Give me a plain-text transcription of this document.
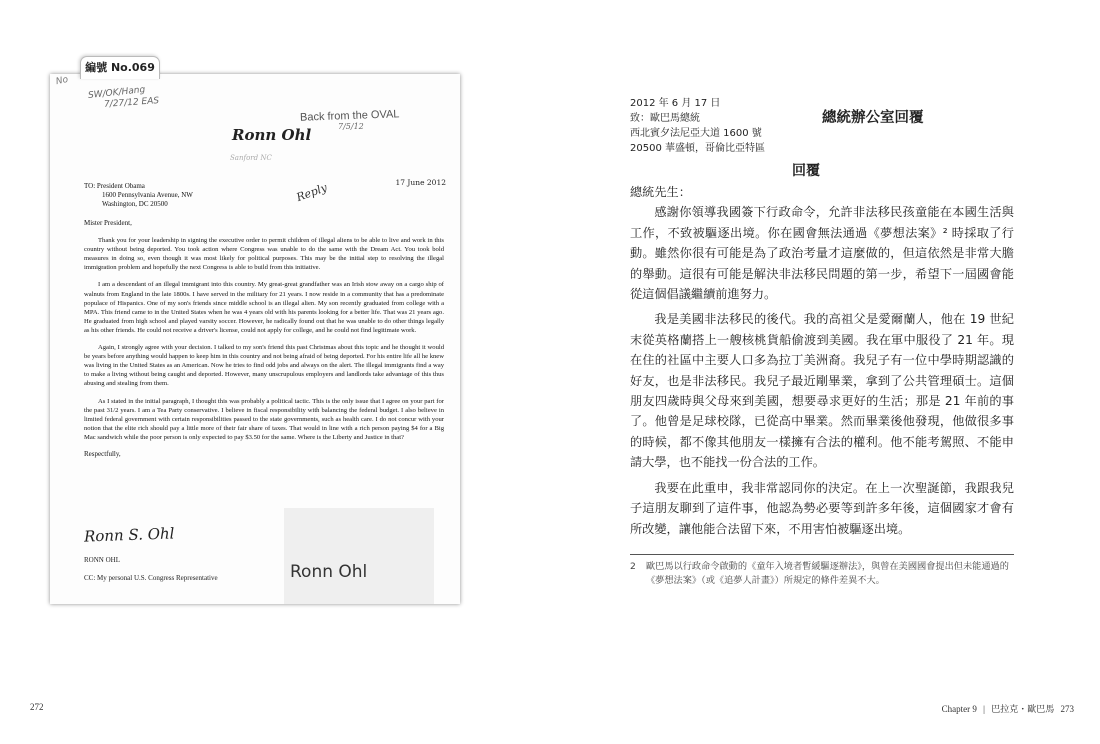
編號 No.069
No
SW/OK/Hang
7/27/12 EAS
Back from the OVAL
7/5/12
Ronn Ohl
Sanford NC
Reply	17 June 2012
TO: President Obama
1600 Pennsylvania Avenue, NW
Washington, DC 20500
Mister President,

Thank you for your leadership in signing the executive order to permit children of illegal aliens to be able to live and work in this country without being deported. You took action where Congress was unable to do the same with the Dream Act. You took bold measures in doing so, even though it was most likely for political purposes. This may be the initial step to resolving the illegal immigration problem and hopefully the next Congress is able to build from this initiative.

I am a descendant of an illegal immigrant into this country. My great-great grandfather was an Irish stow away on a cargo ship of walnuts from England in the late 1800s. I have served in the military for 21 years. I now reside in a community that has a predominate populace of Hispanics. One of my son's friends since middle school is an illegal alien. My son recently graduated from college with a MPA. This friend came to in the United States when he was 4 years old with his parents looking for a better life. That was 21 years ago. He graduated from high school and played varsity soccer. However, he radically found out that he was unable to do other things legally as his other friends. He could not receive a driver's license, could not apply for college, and he could not find legitimate work.

Again, I strongly agree with your decision. I talked to my son's friend this past Christmas about this topic and he thought it would be years before anything would happen to keep him in this country and not being afraid of being deported. For his entire life all he knew was living in the United States as an American. Now he tries to find odd jobs and always on the alert. The illegal immigrants find a way to make a living without being caught and deported. However, many unscrupulous employers and landlords take advantage of this thus abusing and stealing from them.

As I stated in the initial paragraph, I thought this was probably a political tactic. This is the only issue that I agree on your part for the past 31/2 years. I am a Tea Party conservative. I believe in fiscal responsibility with balancing the federal budget. I also believe in limited federal government with certain responsibilities passed to the state governments, such as health care. I do not concur with your notion that the elite rich should pay a little more of their fair share of taxes. That would in line with a rich person paying $4 for a Big Mac sandwich while the poor person is only expected to pay $3.50 for the same. Where is the Liberty and Justice in that?

Respectfully,
Ronn S. Ohl
RONN OHL
CC: My personal U.S. Congress Representative	Ronn Ohl
272
2012 年 6 月 17 日
致：歐巴馬總統
西北賓夕法尼亞大道 1600 號
20500 華盛頓，哥倫比亞特區
總統辦公室回覆
回覆
總統先生：

感謝你領導我國簽下行政命令，允許非法移民孩童能在本國生活與工作，不致被驅逐出境。你在國會無法通過《夢想法案》² 時採取了行動。雖然你很有可能是為了政治考量才這麼做的，但這依然是非常大膽的舉動。這很有可能是解決非法移民問題的第一步，希望下一屆國會能從這個倡議繼續前進努力。

我是美國非法移民的後代。我的高祖父是愛爾蘭人，他在 19 世紀末從英格蘭搭上一艘核桃貨船偷渡到美國。我在軍中服役了 21 年。現在住的社區中主要人口多為拉丁美洲裔。我兒子有一位中學時期認識的好友，也是非法移民。我兒子最近剛畢業，拿到了公共管理碩士。這個朋友四歲時與父母來到美國，想要尋求更好的生活；那是 21 年前的事了。他曾是足球校隊，已從高中畢業。然而畢業後他發現，他做很多事的時候，都不像其他朋友一樣擁有合法的權利。他不能考駕照、不能申請大學，也不能找一份合法的工作。

我要在此重申，我非常認同你的決定。在上一次聖誕節，我跟我兒子這朋友聊到了這件事，他認為勢必要等到許多年後，這個國家才會有所改變，讓他能合法留下來，不用害怕被驅逐出境。

2	歐巴馬以行政命令啟動的《童年入境者暫緩驅逐辦法》，與曾在美國國會提出但未能通過的《夢想法案》（或《追夢人計畫》）所規定的條件差異不大。
Chapter 9 | 巴拉克・歐巴馬 273
